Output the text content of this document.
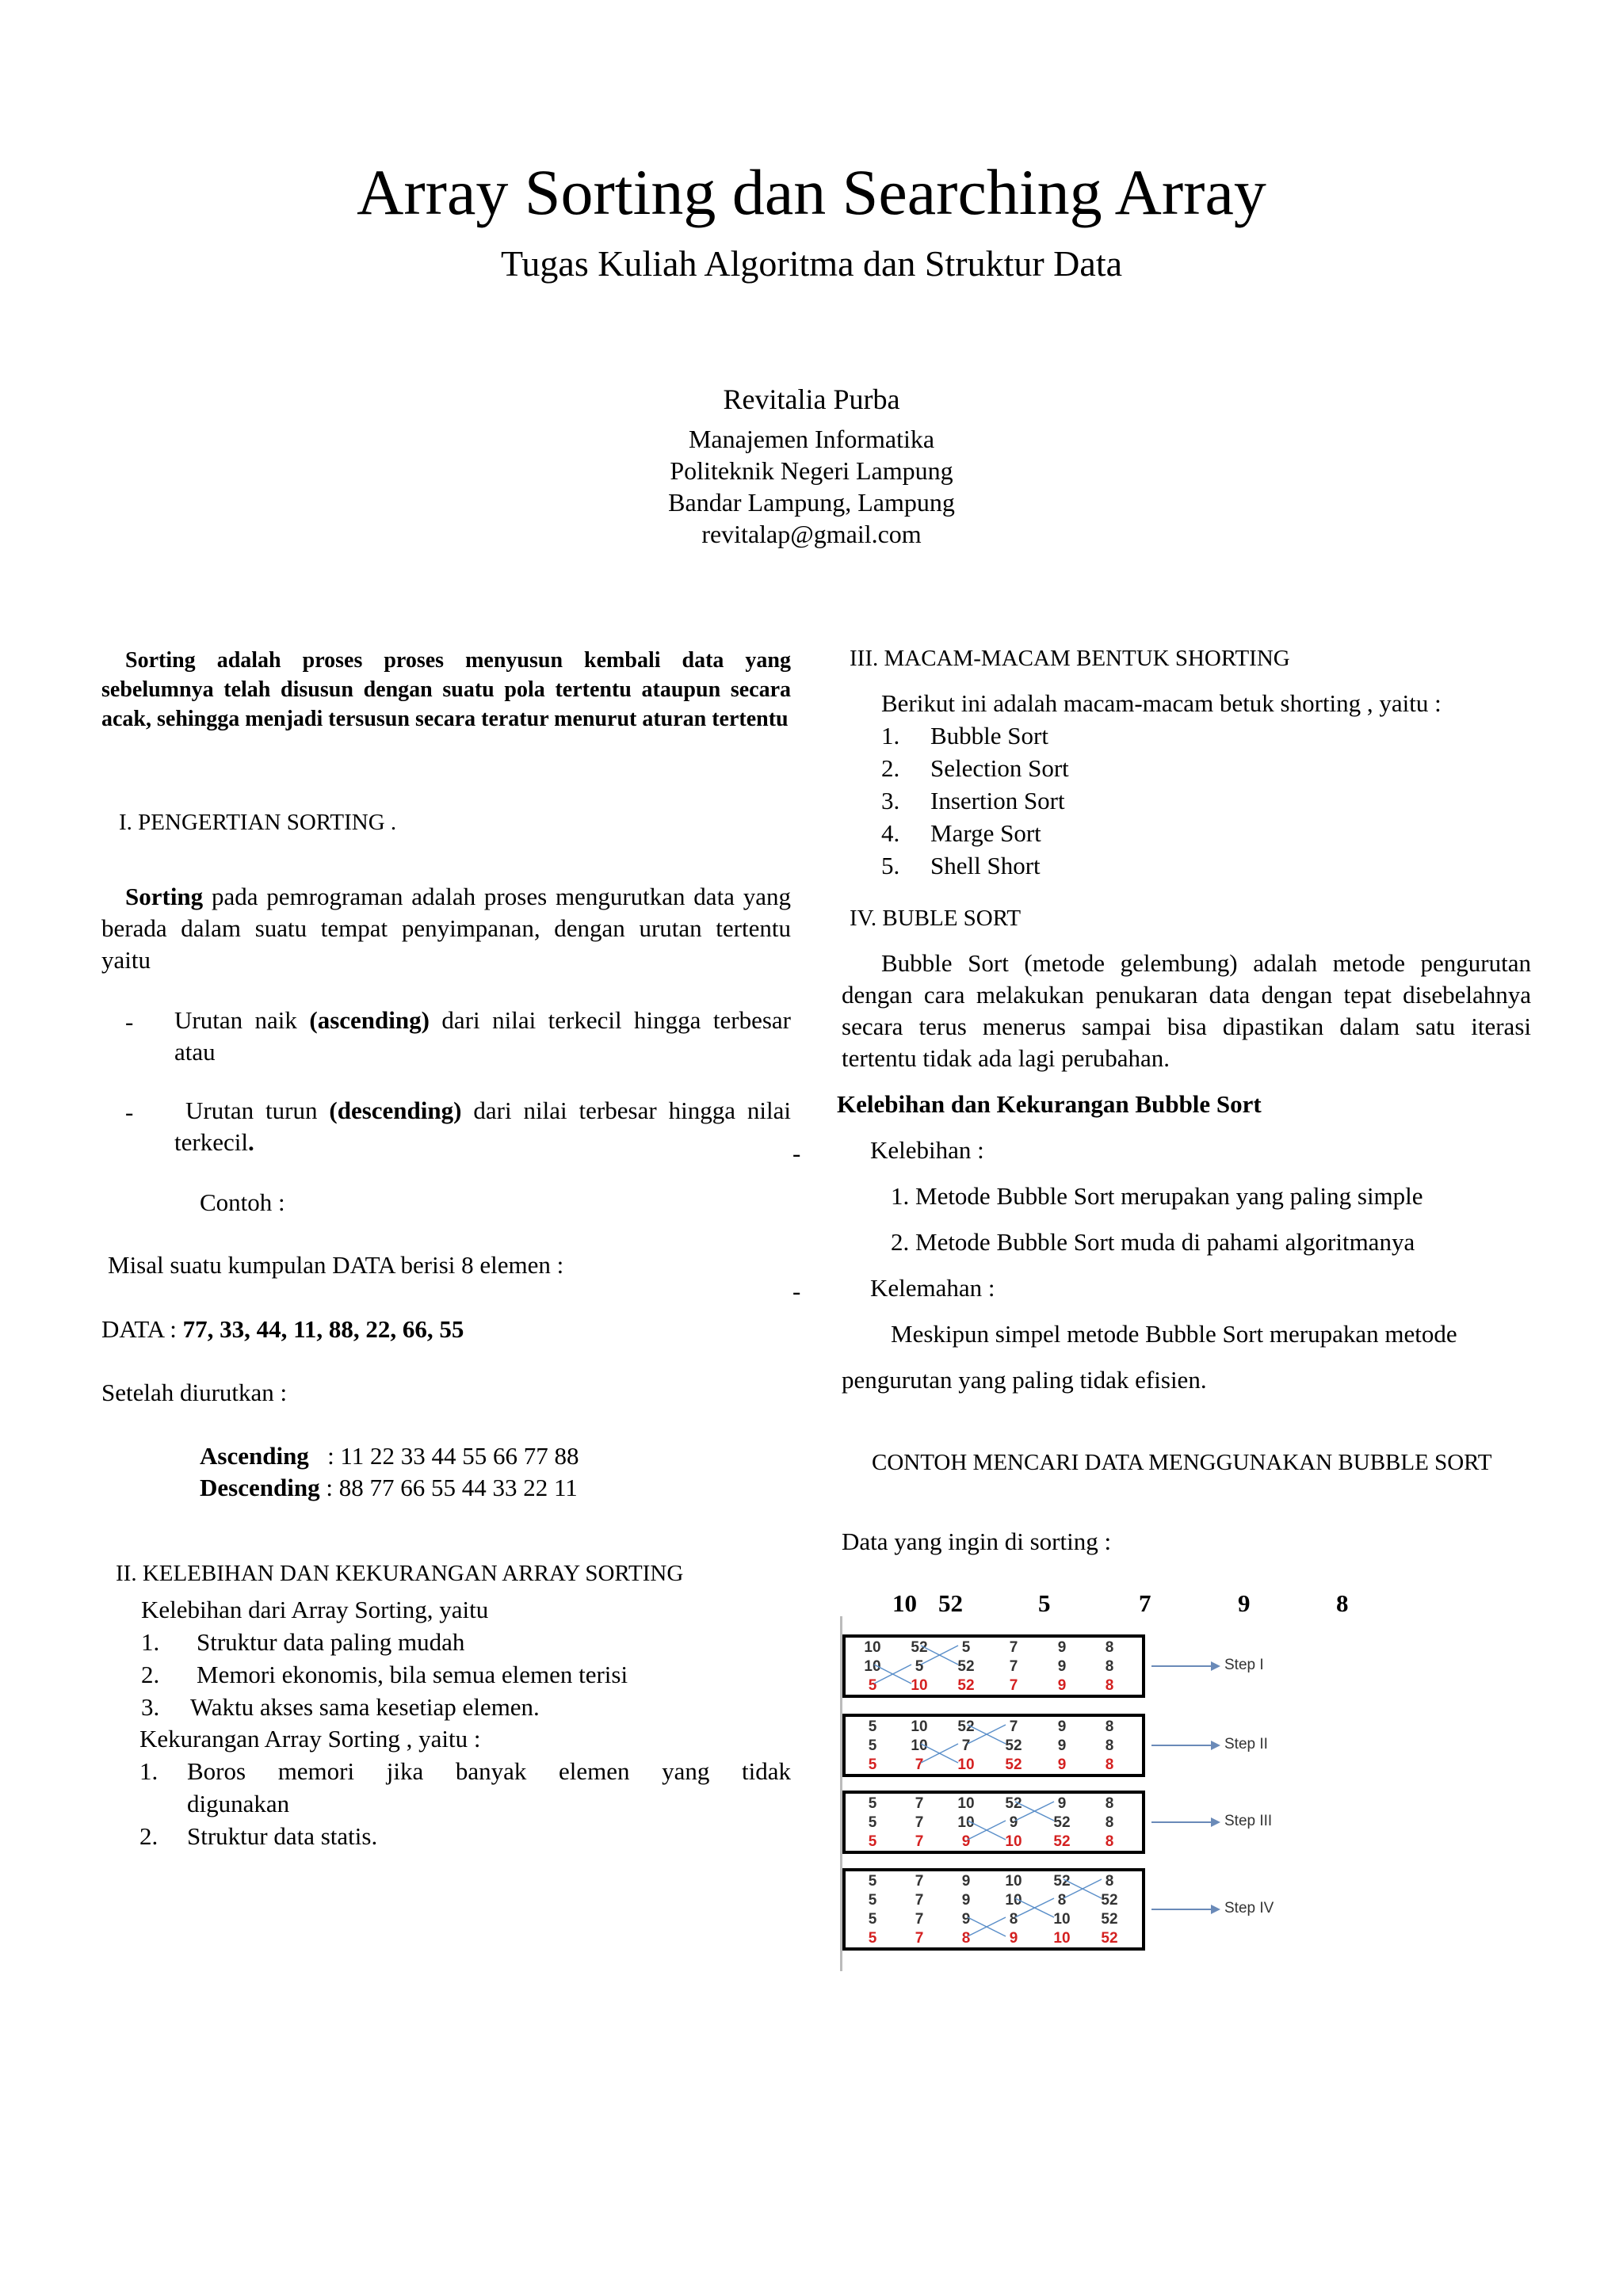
Array Sorting dan Searching Array
Tugas Kuliah Algoritma dan Struktur Data
Revitalia Purba
Manajemen Informatika
Politeknik Negeri Lampung
Bandar Lampung, Lampung
revitalap@gmail.com
Sorting adalah proses proses menyusun kembali data yang sebelumnya telah disusun dengan suatu pola tertentu ataupun secara acak, sehingga menjadi tersusun secara teratur menurut aturan tertentu
I. PENGERTIAN SORTING .
Sorting pada pemrograman adalah proses mengurutkan data yang berada dalam suatu tempat penyimpanan, dengan urutan tertentu yaitu
- Urutan naik (ascending) dari nilai terkecil hingga terbesar atau
-	Urutan turun (descending) dari nilai terbesar hingga nilai terkecil.
Contoh :
Misal suatu kumpulan DATA berisi 8 elemen :
DATA : 77, 33, 44, 11, 88, 22, 66, 55
Setelah diurutkan :
Ascending   : 11 22 33 44 55 66 77 88
Descending : 88 77 66 55 44 33 22 11
II. KELEBIHAN DAN KEKURANGAN ARRAY SORTING
Kelebihan dari Array Sorting, yaitu
1. Struktur data paling mudah
2. Memori ekonomis, bila semua elemen terisi
3. Waktu akses sama kesetiap elemen.
Kekurangan Array Sorting , yaitu :
1. Boros memori jika banyak elemen yang tidak
digunakan
2. Struktur data statis.
III. MACAM-MACAM BENTUK SHORTING
Berikut ini adalah macam-macam betuk shorting , yaitu :
1. Bubble Sort
2. Selection Sort
3. Insertion Sort
4. Marge Sort
5. Shell Short
IV. BUBLE SORT
Bubble Sort (metode gelembung) adalah metode pengurutan dengan cara melakukan penukaran data dengan tepat disebelahnya secara terus menerus sampai bisa dipastikan dalam satu iterasi tertentu tidak ada lagi perubahan.
Kelebihan dan Kekurangan Bubble Sort
-	Kelebihan :
1. Metode Bubble Sort merupakan yang paling simple
2. Metode Bubble Sort muda di pahami algoritmanya
-	Kelemahan :
Meskipun simpel metode Bubble Sort merupakan metode
pengurutan yang paling tidak efisien.
CONTOH MENCARI DATA MENGGUNAKAN BUBBLE SORT
Data yang ingin di sorting :
10 52	5	7	9	8
10	52	5	7	9	8
10	5	52	7	9	8
5	10	52	7	9	8
Step I
5	10	52	7	9	8
5	10	7	52	9	8
5	7	10	52	9	8
Step II
5	7	10	52	9	8
5	7	10	9	52	8
5	7	9	10	52	8
Step III
5	7	9	10	52	8
5	7	9	10	8	52
5	7	9	8	10	52
5	7	8	9	10	52
Step IV
